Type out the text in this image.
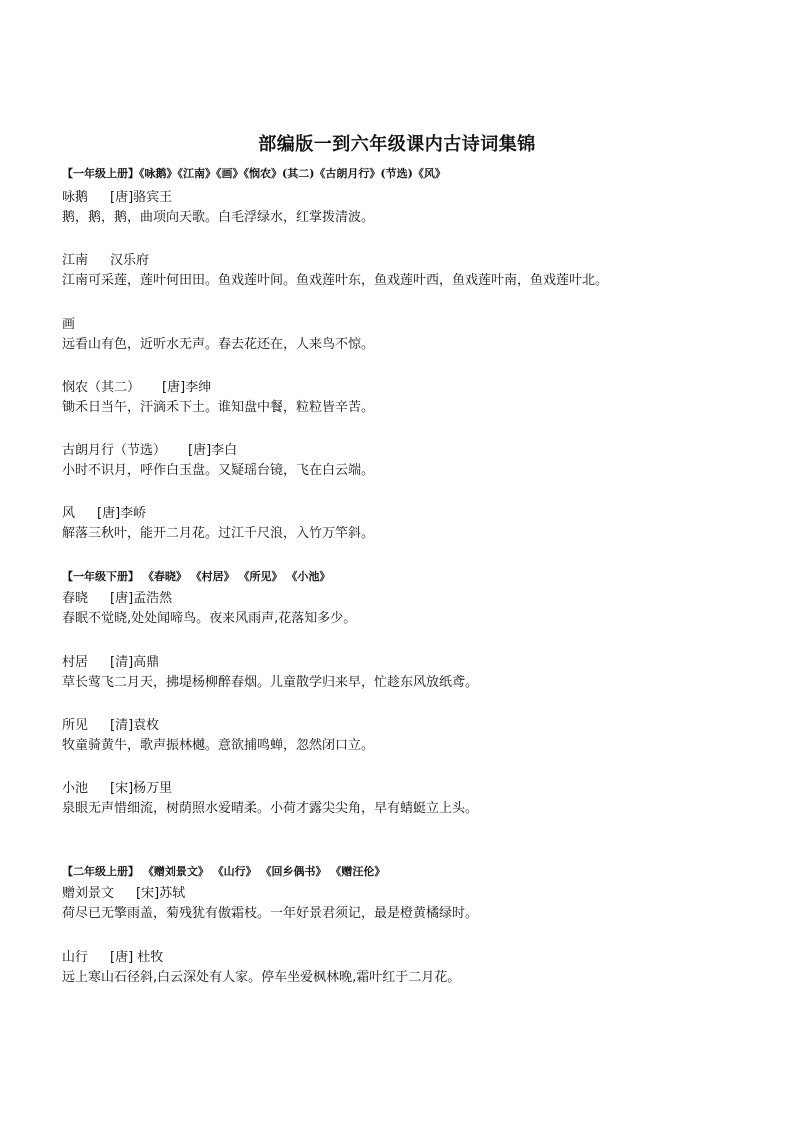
部编版一到六年级课内古诗词集锦
【一年级上册】《咏鹅》《江南》《画》《悯农》(其二)《古朗月行》(节选)《风》
咏鹅 [唐]骆宾王
鹅，鹅，鹅，曲项向天歌。白毛浮绿水，红掌拨清波。
江南 汉乐府
江南可采莲，莲叶何田田。鱼戏莲叶间。鱼戏莲叶东，鱼戏莲叶西，鱼戏莲叶南，鱼戏莲叶北。
画
远看山有色，近听水无声。春去花还在，人来鸟不惊。
悯农（其二） [唐]李绅
锄禾日当午，汗滴禾下土。谁知盘中餐，粒粒皆辛苦。
古朗月行（节选） [唐]李白
小时不识月，呼作白玉盘。又疑瑶台镜，飞在白云端。
风 [唐]李峤
解落三秋叶，能开二月花。过江千尺浪，入竹万竿斜。
【一年级下册】 《春晓》 《村居》 《所见》 《小池》
春晓 [唐]孟浩然
春眠不觉晓,处处闻啼鸟。夜来风雨声,花落知多少。
村居 [清]高鼎
草长莺飞二月天，拂堤杨柳醉春烟。儿童散学归来早，忙趁东风放纸鸢。
所见 [清]袁枚
牧童骑黄牛，歌声振林樾。意欲捕鸣蝉，忽然闭口立。
小池 [宋]杨万里
泉眼无声惜细流，树荫照水爱晴柔。小荷才露尖尖角，早有蜻蜓立上头。
【二年级上册】 《赠刘景文》 《山行》 《回乡偶书》 《赠汪伦》
赠刘景文 [宋]苏轼
荷尽已无擎雨盖，菊残犹有傲霜枝。一年好景君须记，最是橙黄橘绿时。
山行 [唐] 杜牧
远上寒山石径斜,白云深处有人家。停车坐爱枫林晚,霜叶红于二月花。
